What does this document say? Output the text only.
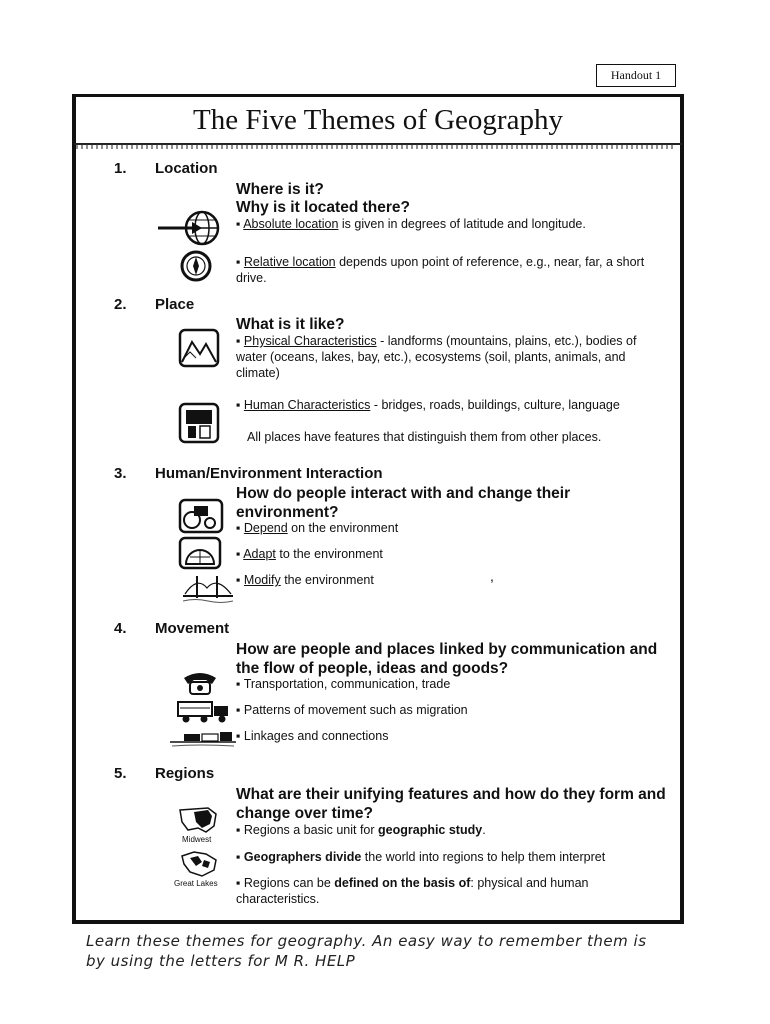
Handout 1
The Five Themes of Geography
1. Location
Where is it?
Why is it located there?
▪ Absolute location is given in degrees of latitude and longitude.
▪ Relative location depends upon point of reference, e.g., near, far, a short drive.
2. Place
What is it like?
▪ Physical Characteristics - landforms (mountains, plains, etc.), bodies of water (oceans, lakes, bay, etc.), ecosystems (soil, plants, animals, and climate)
▪ Human Characteristics - bridges, roads, buildings, culture, language
All places have features that distinguish them from other places.
3. Human/Environment Interaction
How do people interact with and change their environment?
▪ Depend on the environment
▪ Adapt to the environment
▪ Modify the environment	,
4. Movement
How are people and places linked by communication and the flow of people, ideas and goods?
▪ Transportation, communication, trade
▪ Patterns of movement such as migration
▪ Linkages and connections
5. Regions
What are their unifying features and how do they form and change over time?
▪ Regions a basic unit for geographic study.
▪ Geographers divide the world into regions to help them interpret
▪ Regions can be defined on the basis of: physical and human characteristics.
Midwest
Great Lakes
Learn these themes for geography. An easy way to remember them is
by using the letters for M R. HELP
